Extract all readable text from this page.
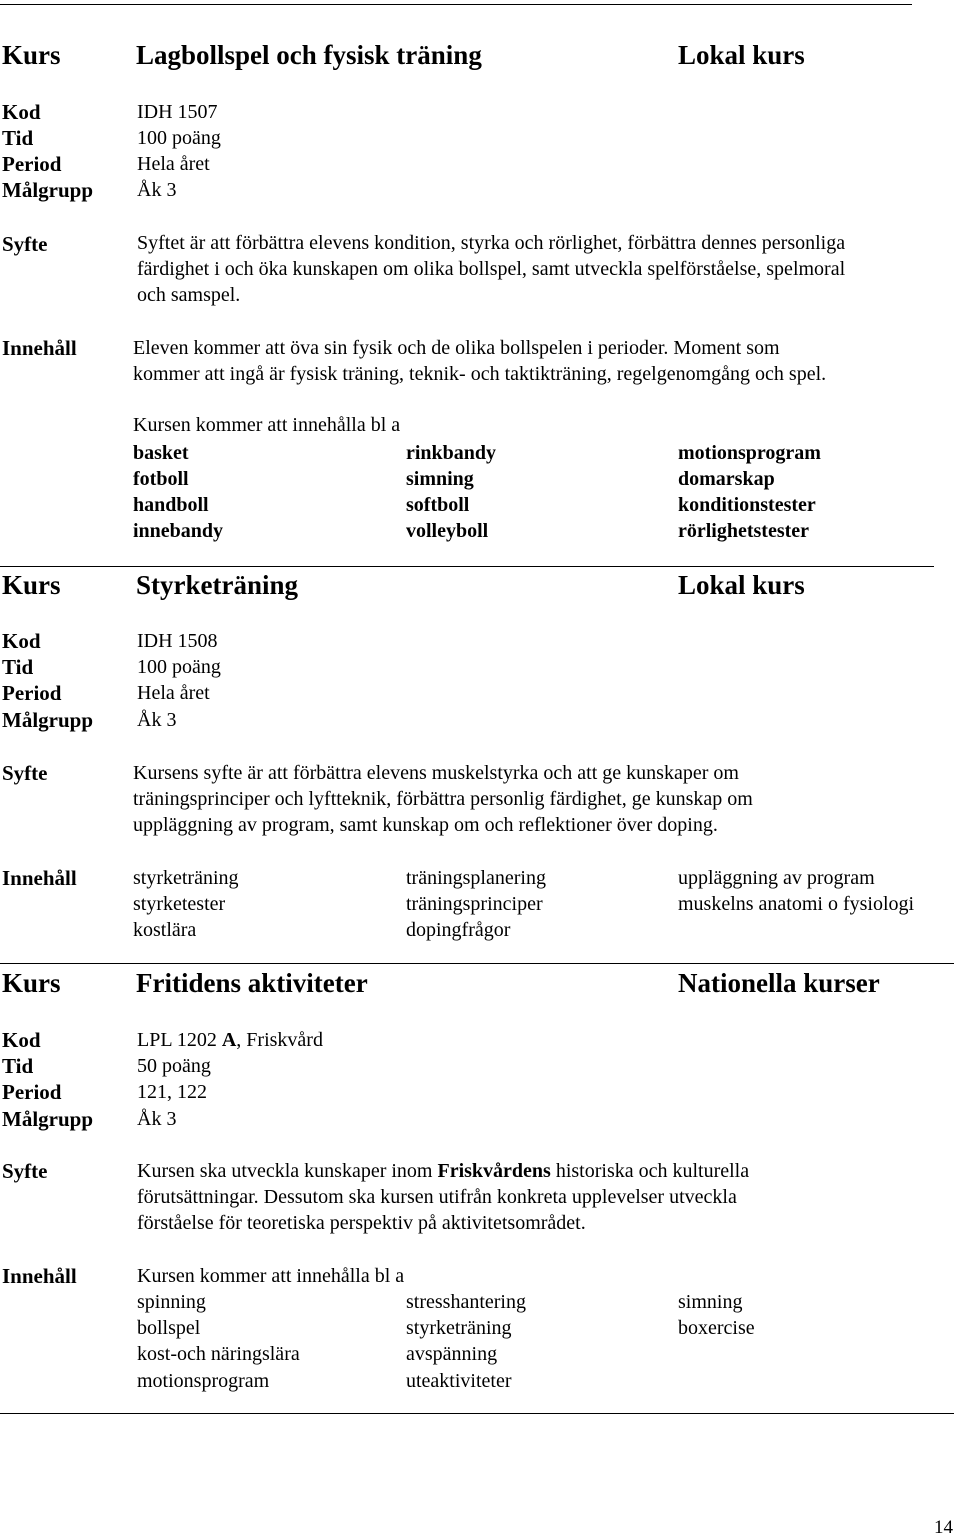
Kurs	Lagbollspel och fysisk träning	Lokal kurs
Kod	IDH 1507
Tid	100 poäng
Period	Hela året
Målgrupp Åk 3
Syfte	Syftet är att förbättra elevens kondition, styrka och rörlighet, förbättra dennes personliga
färdighet i och öka kunskapen om olika bollspel, samt utveckla spelförståelse, spelmoral
och samspel.
Innehåll	Eleven kommer att öva sin fysik och de olika bollspelen i perioder. Moment som
kommer att ingå är fysisk träning, teknik- och taktikträning, regelgenomgång och spel.
Kursen kommer att innehålla bl a
basket	rinkbandy	motionsprogram
fotboll	simning	domarskap
handboll	softboll	konditionstester
innebandy	volleyboll	rörlighetstester
Kurs	Styrketräning	Lokal kurs
Kod	IDH 1508
Tid	100 poäng
Period	Hela året
Målgrupp Åk 3
Syfte	Kursens syfte är att förbättra elevens muskelstyrka och att ge kunskaper om
träningsprinciper och lyftteknik, förbättra personlig färdighet, ge kunskap om
uppläggning av program, samt kunskap om och reflektioner över doping.
Innehåll	styrketräning	träningsplanering	uppläggning av program
styrketester	träningsprinciper	muskelns anatomi o fysiologi
kostlära	dopingfrågor
Kurs	Fritidens aktiviteter	Nationella kurser
Kod	LPL 1202 A, Friskvård
Tid	50 poäng
Period	121, 122
Målgrupp Åk 3
Syfte	Kursen ska utveckla kunskaper inom Friskvårdens historiska och kulturella
förutsättningar. Dessutom ska kursen utifrån konkreta upplevelser utveckla
förståelse för teoretiska perspektiv på aktivitetsområdet.
Innehåll	Kursen kommer att innehålla bl a
spinning	stresshantering	simning
bollspel	styrketräning	boxercise
kost-och näringslära	avspänning
motionsprogram	uteaktiviteter
14
